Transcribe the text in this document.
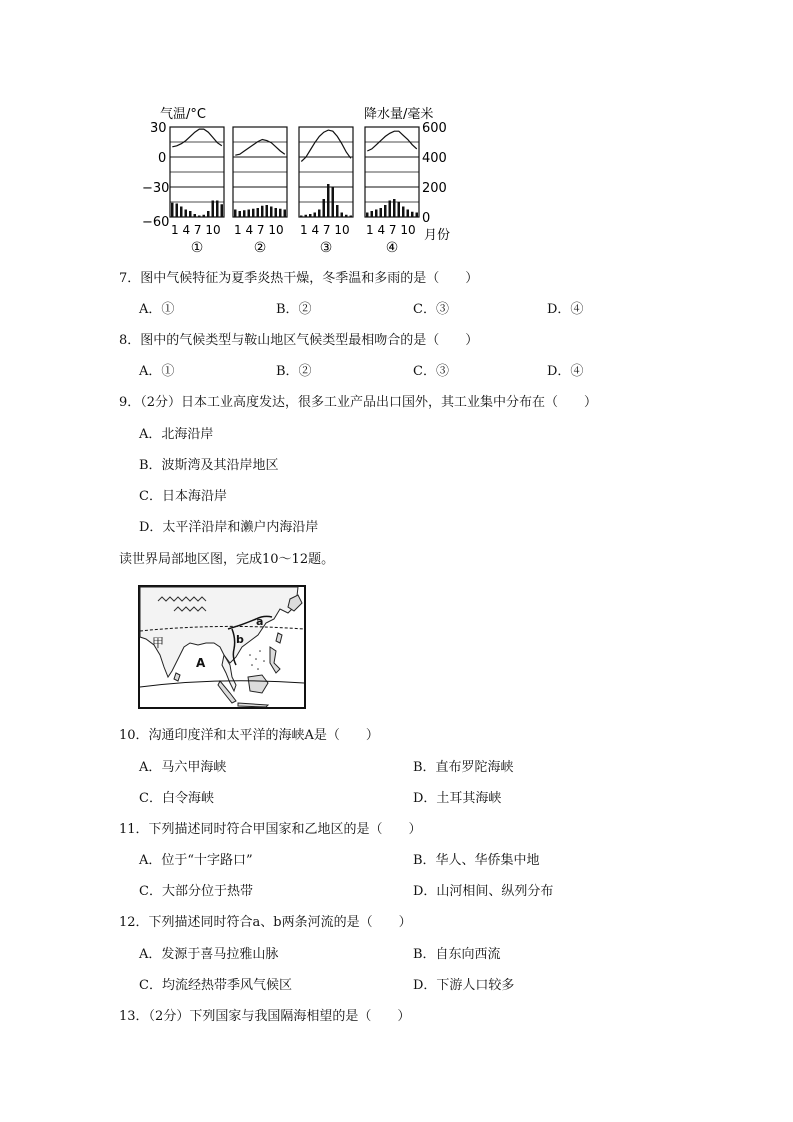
气温/°C	降水量/毫米
30
0
−30
−60
600
400
200
0
月份
1 4 7 10
①
1 4 7 10
②
1 4 7 10
③
1 4 7 10
④
7．图中气候特征为夏季炎热干燥，冬季温和多雨的是（　　）
A．①	B．②	C．③	D．④
8．图中的气候类型与鞍山地区气候类型最相吻合的是（　　）
A．①	B．②	C．③	D．④
9．（2分）日本工业高度发达，很多工业产品出口国外，其工业集中分布在（　　）
A．北海沿岸
B．波斯湾及其沿岸地区
C．日本海沿岸
D．太平洋沿岸和濑户内海沿岸
读世界局部地区图，完成10～12题。
甲
a
b
A
10．沟通印度洋和太平洋的海峡A是（　　）
A．马六甲海峡	B．直布罗陀海峡
C．白令海峡	D．土耳其海峡
11．下列描述同时符合甲国家和乙地区的是（　　）
A．位于“十字路口”	B．华人、华侨集中地
C．大部分位于热带	D．山河相间、纵列分布
12．下列描述同时符合a、b两条河流的是（　　）
A．发源于喜马拉雅山脉	B．自东向西流
C．均流经热带季风气候区	D．下游人口较多
13．（2分）下列国家与我国隔海相望的是（　　）
